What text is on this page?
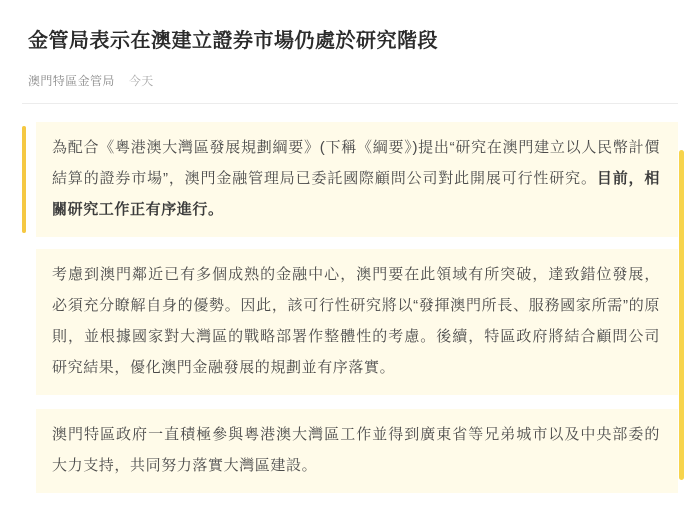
金管局表示在澳建立證券市場仍處於研究階段
澳門特區金管局 今天
為配合《粵港澳大灣區發展規劃綱要》(下稱《綱要》)提出“研究在澳門建立以人民幣計價結算的證券市場”，澳門金融管理局已委託國際顧問公司對此開展可行性研究。目前，相關研究工作正有序進行。
考慮到澳門鄰近已有多個成熟的金融中心，澳門要在此領域有所突破，達致錯位發展，必須充分瞭解自身的優勢。因此，該可行性研究將以“發揮澳門所長、服務國家所需”的原則，並根據國家對大灣區的戰略部署作整體性的考慮。後續，特區政府將結合顧問公司研究結果，優化澳門金融發展的規劃並有序落實。
澳門特區政府一直積極參與粵港澳大灣區工作並得到廣東省等兄弟城市以及中央部委的大力支持，共同努力落實大灣區建設。
